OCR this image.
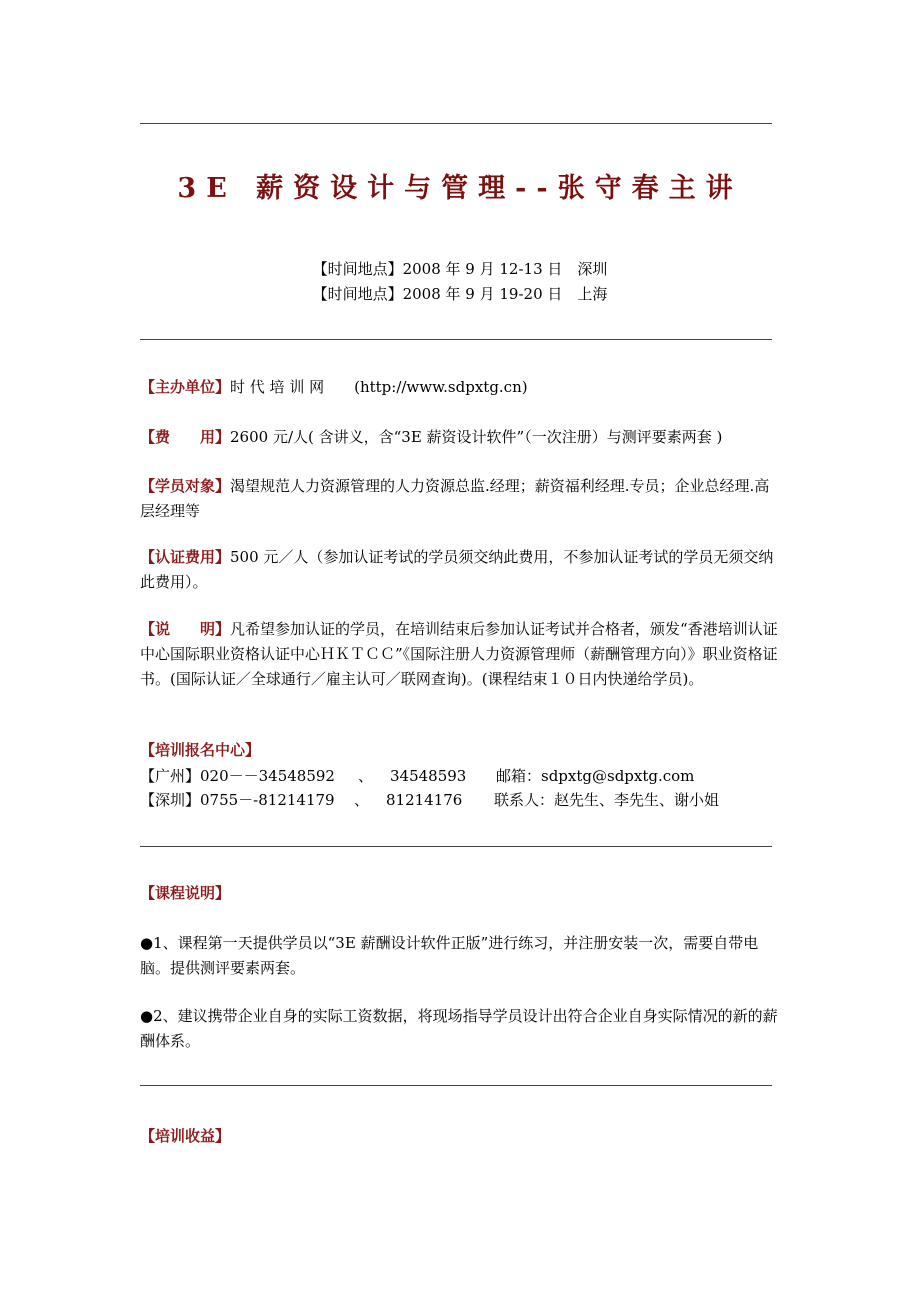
3E 薪资设计与管理--张守春主讲
【时间地点】2008 年 9 月 12-13 日　深圳
【时间地点】2008 年 9 月 19-20 日　上海
【主办单位】时 代 培 训 网　　(http://www.sdpxtg.cn)
【费　　用】2600 元/人( 含讲义，含“3E 薪资设计软件”（一次注册）与测评要素两套 )
【学员对象】渴望规范人力资源管理的人力资源总监.经理；薪资福利经理.专员；企业总经理.高层经理等
【认证费用】500 元／人（参加认证考试的学员须交纳此费用，不参加认证考试的学员无须交纳此费用）。
【说　　明】凡希望参加认证的学员，在培训结束后参加认证考试并合格者，颁发“香港培训认证中心国际职业资格认证中心ＨＫＴＣＣ”《国际注册人力资源管理师（薪酬管理方向）》职业资格证书。(国际认证／全球通行／雇主认可／联网查询)。(课程结束１０日内快递给学员)。
【培训报名中心】
【广州】020－－34548592 、 34548593 邮箱：sdpxtg@sdpxtg.com
【深圳】0755－-81214179 、 81214176 联系人：赵先生、李先生、谢小姐
【课程说明】
●1、课程第一天提供学员以“3E 薪酬设计软件正版”进行练习，并注册安装一次，需要自带电脑。提供测评要素两套。
●2、建议携带企业自身的实际工资数据，将现场指导学员设计出符合企业自身实际情况的新的薪酬体系。
【培训收益】
